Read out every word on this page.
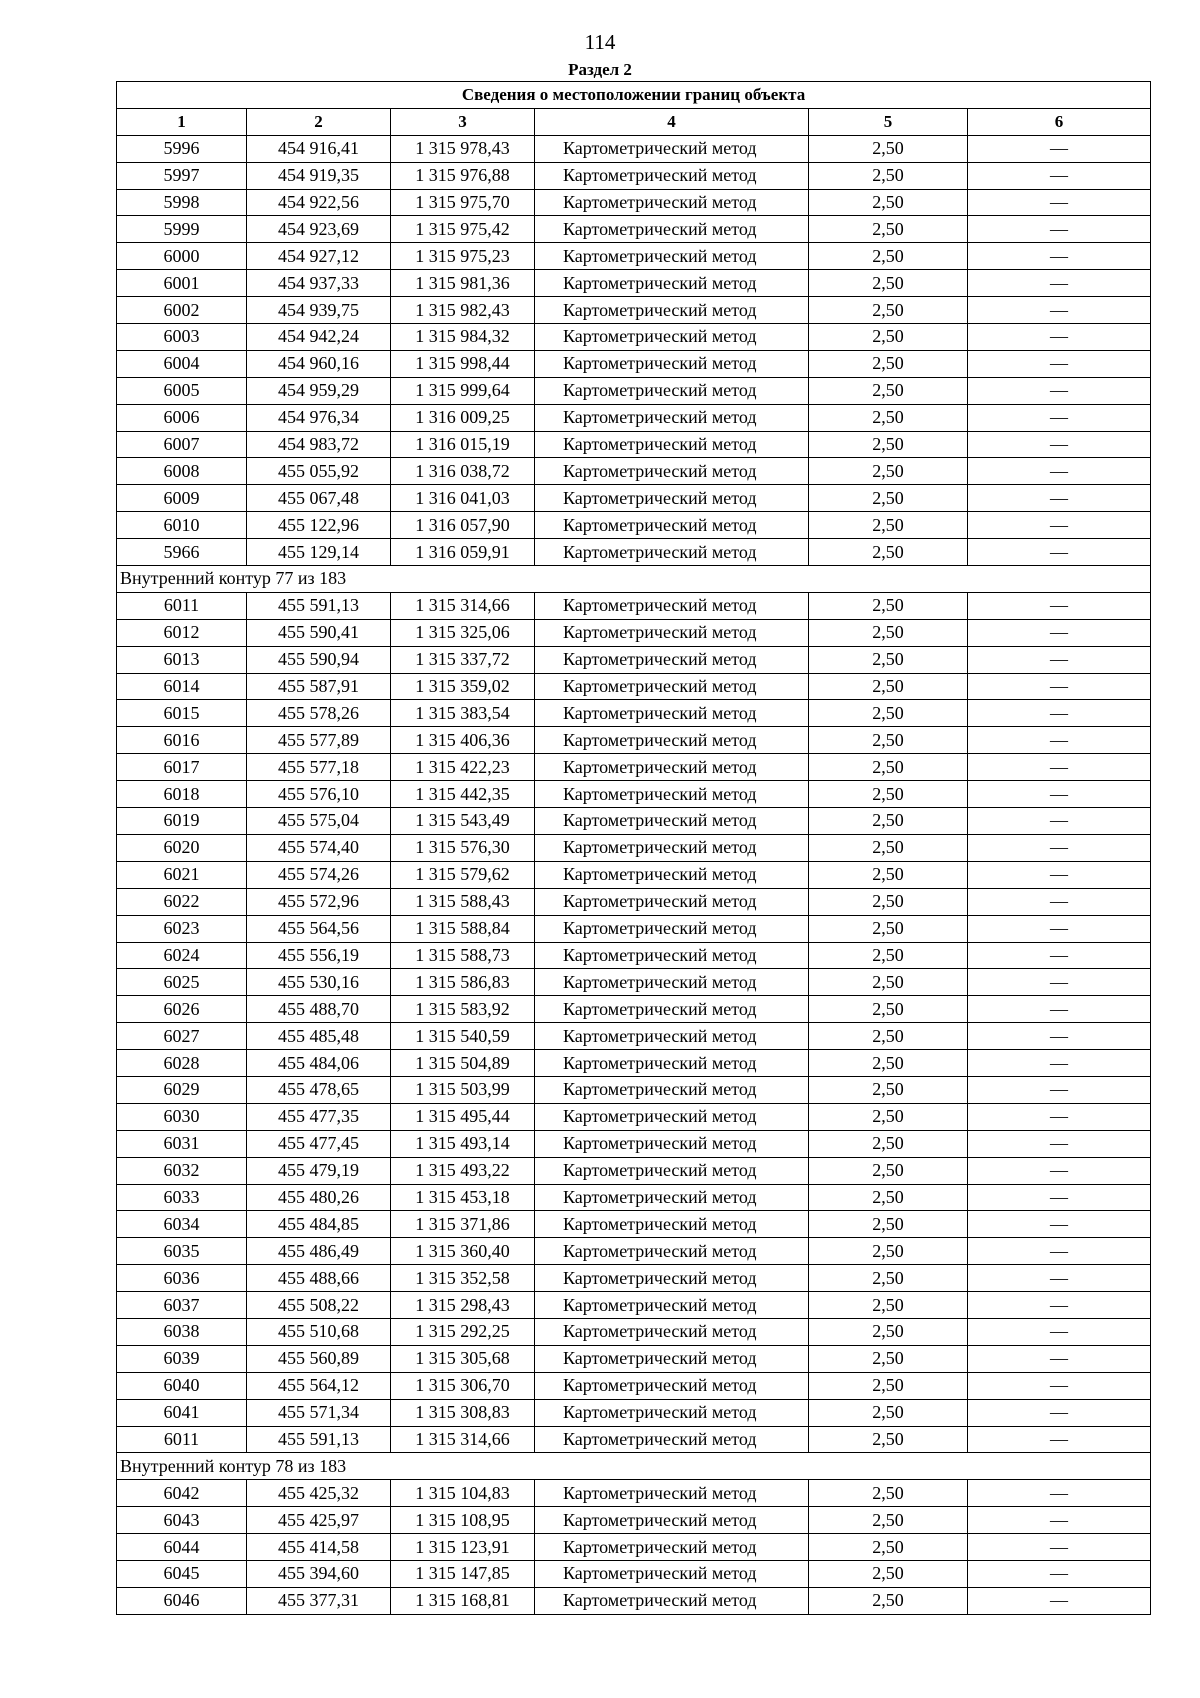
114
Раздел 2
Сведения о местоположении границ объекта					
1	2	3	4	5	6
5996	454 916,41	1 315 978,43	Картометрический метод	2,50	—
5997	454 919,35	1 315 976,88	Картометрический метод	2,50	—
5998	454 922,56	1 315 975,70	Картометрический метод	2,50	—
5999	454 923,69	1 315 975,42	Картометрический метод	2,50	—
6000	454 927,12	1 315 975,23	Картометрический метод	2,50	—
6001	454 937,33	1 315 981,36	Картометрический метод	2,50	—
6002	454 939,75	1 315 982,43	Картометрический метод	2,50	—
6003	454 942,24	1 315 984,32	Картометрический метод	2,50	—
6004	454 960,16	1 315 998,44	Картометрический метод	2,50	—
6005	454 959,29	1 315 999,64	Картометрический метод	2,50	—
6006	454 976,34	1 316 009,25	Картометрический метод	2,50	—
6007	454 983,72	1 316 015,19	Картометрический метод	2,50	—
6008	455 055,92	1 316 038,72	Картометрический метод	2,50	—
6009	455 067,48	1 316 041,03	Картометрический метод	2,50	—
6010	455 122,96	1 316 057,90	Картометрический метод	2,50	—
5966	455 129,14	1 316 059,91	Картометрический метод	2,50	—
Внутренний контур 77 из 183					
6011	455 591,13	1 315 314,66	Картометрический метод	2,50	—
6012	455 590,41	1 315 325,06	Картометрический метод	2,50	—
6013	455 590,94	1 315 337,72	Картометрический метод	2,50	—
6014	455 587,91	1 315 359,02	Картометрический метод	2,50	—
6015	455 578,26	1 315 383,54	Картометрический метод	2,50	—
6016	455 577,89	1 315 406,36	Картометрический метод	2,50	—
6017	455 577,18	1 315 422,23	Картометрический метод	2,50	—
6018	455 576,10	1 315 442,35	Картометрический метод	2,50	—
6019	455 575,04	1 315 543,49	Картометрический метод	2,50	—
6020	455 574,40	1 315 576,30	Картометрический метод	2,50	—
6021	455 574,26	1 315 579,62	Картометрический метод	2,50	—
6022	455 572,96	1 315 588,43	Картометрический метод	2,50	—
6023	455 564,56	1 315 588,84	Картометрический метод	2,50	—
6024	455 556,19	1 315 588,73	Картометрический метод	2,50	—
6025	455 530,16	1 315 586,83	Картометрический метод	2,50	—
6026	455 488,70	1 315 583,92	Картометрический метод	2,50	—
6027	455 485,48	1 315 540,59	Картометрический метод	2,50	—
6028	455 484,06	1 315 504,89	Картометрический метод	2,50	—
6029	455 478,65	1 315 503,99	Картометрический метод	2,50	—
6030	455 477,35	1 315 495,44	Картометрический метод	2,50	—
6031	455 477,45	1 315 493,14	Картометрический метод	2,50	—
6032	455 479,19	1 315 493,22	Картометрический метод	2,50	—
6033	455 480,26	1 315 453,18	Картометрический метод	2,50	—
6034	455 484,85	1 315 371,86	Картометрический метод	2,50	—
6035	455 486,49	1 315 360,40	Картометрический метод	2,50	—
6036	455 488,66	1 315 352,58	Картометрический метод	2,50	—
6037	455 508,22	1 315 298,43	Картометрический метод	2,50	—
6038	455 510,68	1 315 292,25	Картометрический метод	2,50	—
6039	455 560,89	1 315 305,68	Картометрический метод	2,50	—
6040	455 564,12	1 315 306,70	Картометрический метод	2,50	—
6041	455 571,34	1 315 308,83	Картометрический метод	2,50	—
6011	455 591,13	1 315 314,66	Картометрический метод	2,50	—
Внутренний контур 78 из 183					
6042	455 425,32	1 315 104,83	Картометрический метод	2,50	—
6043	455 425,97	1 315 108,95	Картометрический метод	2,50	—
6044	455 414,58	1 315 123,91	Картометрический метод	2,50	—
6045	455 394,60	1 315 147,85	Картометрический метод	2,50	—
6046	455 377,31	1 315 168,81	Картометрический метод	2,50	—
